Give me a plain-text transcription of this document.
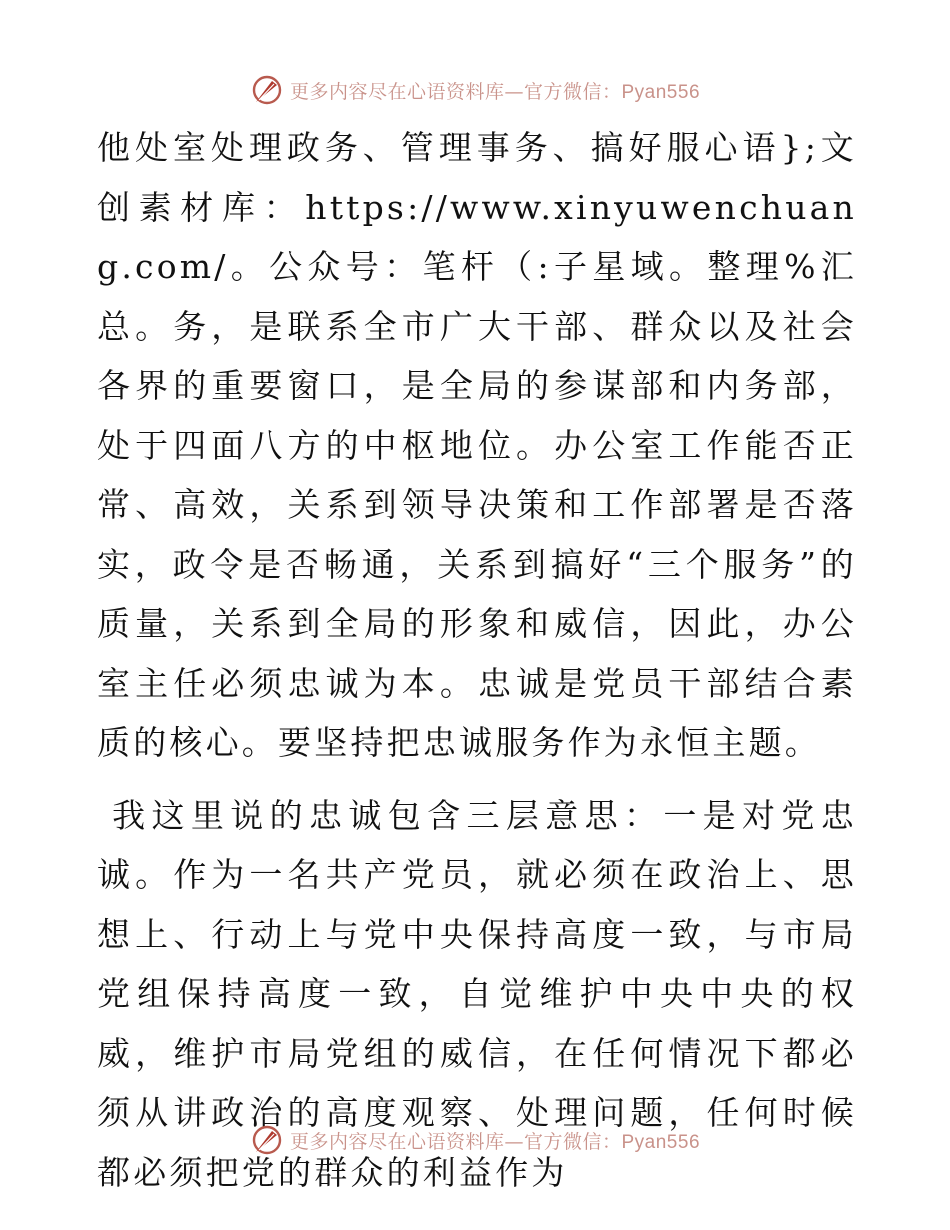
更多内容尽在心语资料库—官方微信：Pyan556

他处室处理政务、管理事务、搞好服心语};文创素材库：https://www.xinyuwenchuang.com/。公众号：笔杆（:子星域。整理%汇总。务，是联系全市广大干部、群众以及社会各界的重要窗口，是全局的参谋部和内务部，处于四面八方的中枢地位。办公室工作能否正常、高效，关系到领导决策和工作部署是否落实，政令是否畅通，关系到搞好“三个服务”的质量，关系到全局的形象和威信，因此，办公室主任必须忠诚为本。忠诚是党员干部结合素质的核心。要坚持把忠诚服务作为永恒主题。

我这里说的忠诚包含三层意思：一是对党忠诚。作为一名共产党员，就必须在政治上、思想上、行动上与党中央保持高度一致，与市局党组保持高度一致，自觉维护中央中央的权威，维护市局党组的威信，在任何情况下都必须从讲政治的高度观察、处理问题，任何时候都必须把党的群众的利益作为

更多内容尽在心语资料库—官方微信：Pyan556
